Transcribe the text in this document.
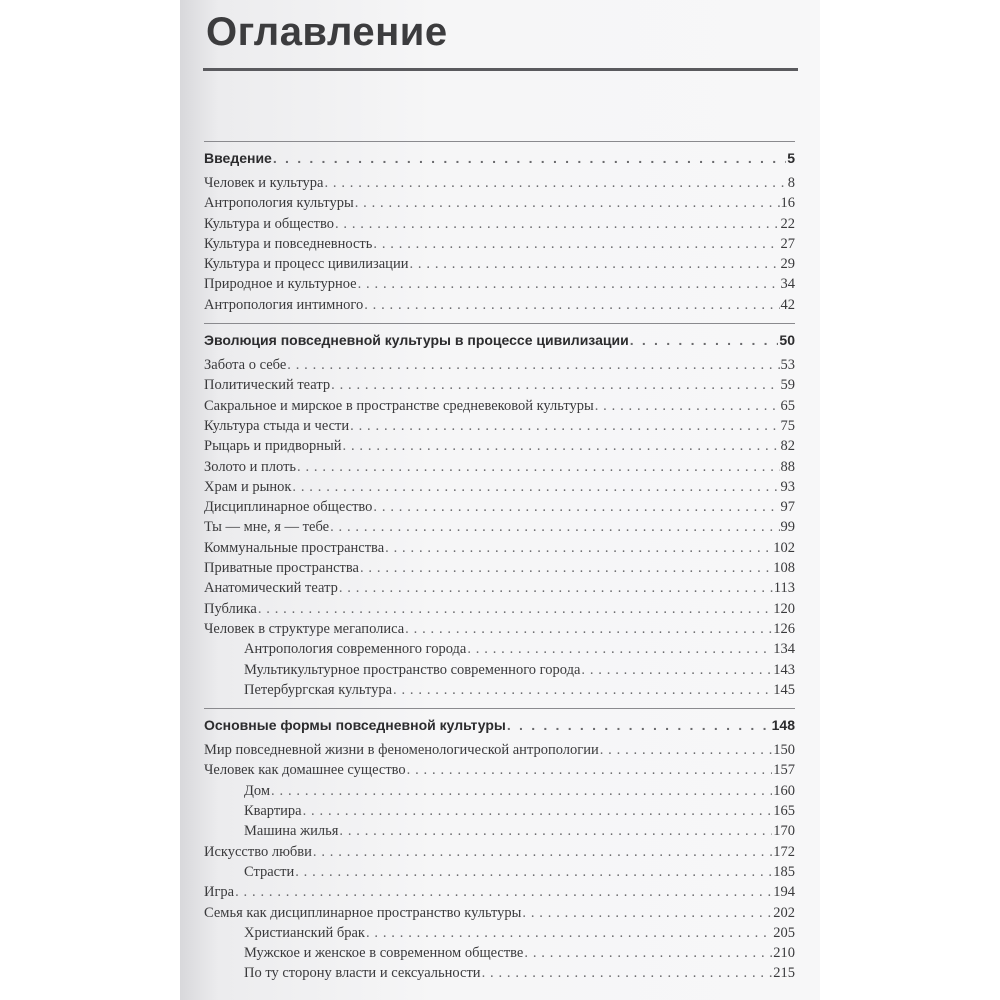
Оглавление
Введение . . .	5
Человек и культура . . .	8
Антропология культуры . . .	16
Культура и общество . . .	22
Культура и повседневность . . .	27
Культура и процесс цивилизации . . .	29
Природное и культурное . . .	34
Антропология интимного . . .	42
Эволюция повседневной культуры в процессе цивилизации . . .	50
Забота о себе . . .	53
Политический театр . . .	59
Сакральное и мирское в пространстве средневековой культуры . . .	65
Культура стыда и чести . . .	75
Рыцарь и придворный . . .	82
Золото и плоть . . .	88
Храм и рынок . . .	93
Дисциплинарное общество . . .	97
Ты — мне, я — тебе . . .	99
Коммунальные пространства . . .	102
Приватные пространства . . .	108
Анатомический театр . . .	113
Публика . . .	120
Человек в структуре мегаполиса . . .	126
Антропология современного города . . .	134
Мультикультурное пространство современного города . . .	143
Петербургская культура . . .	145
Основные формы повседневной культуры . . .	148
Мир повседневной жизни в феноменологической антропологии . . .	150
Человек как домашнее существо . . .	157
Дом . . .	160
Квартира . . .	165
Машина жилья . . .	170
Искусство любви . . .	172
Страсти . . .	185
Игра . . .	194
Семья как дисциплинарное пространство культуры . . .	202
Христианский брак . . .	205
Мужское и женское в современном обществе . . .	210
По ту сторону власти и сексуальности . . .	215
